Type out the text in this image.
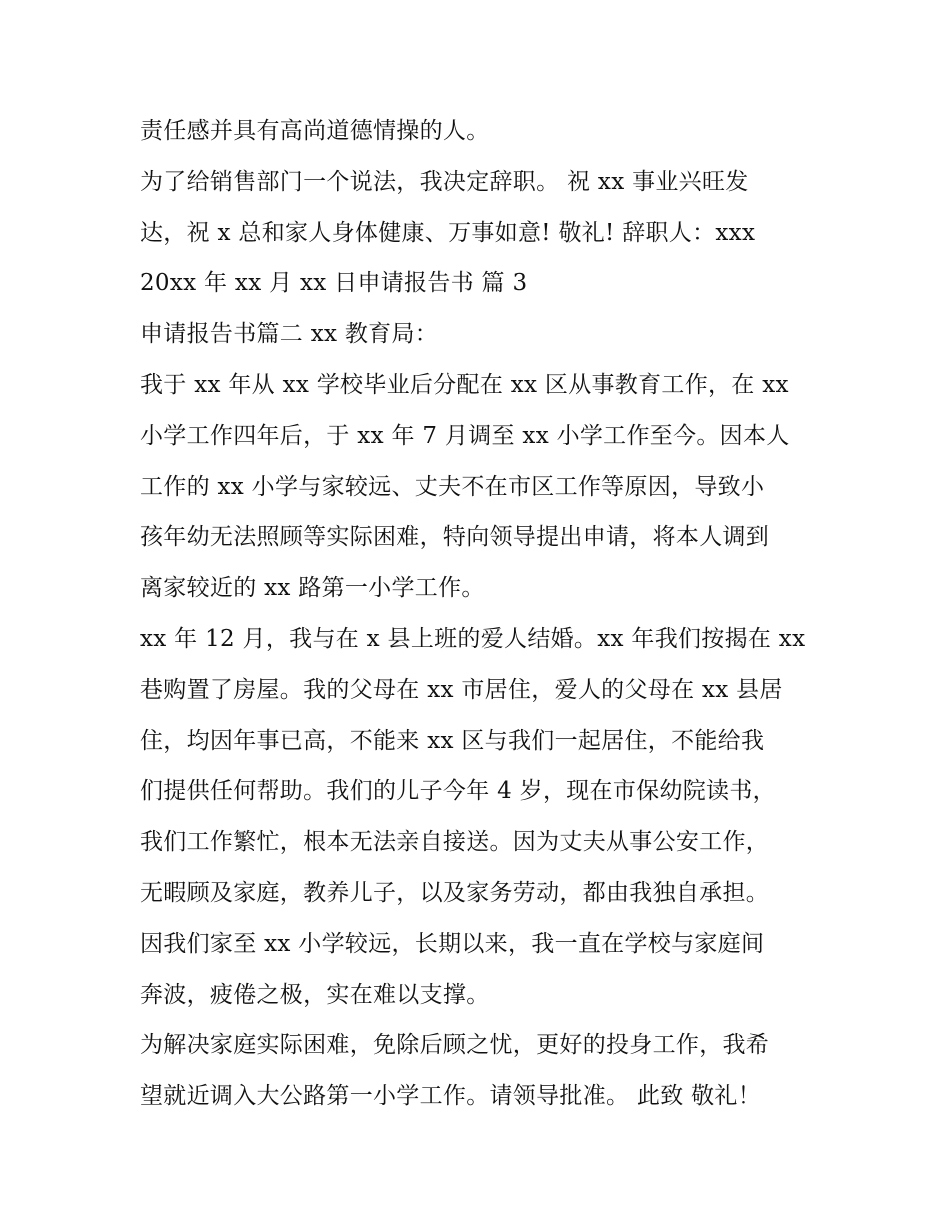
责任感并具有高尚道德情操的人。
为了给销售部门一个说法，我决定辞职。 祝 xx 事业兴旺发
达，祝 x 总和家人身体健康、万事如意! 敬礼! 辞职人：xxx
20xx 年 xx 月 xx 日申请报告书 篇 3
申请报告书篇二 xx 教育局：
我于 xx 年从 xx 学校毕业后分配在 xx 区从事教育工作，在 xx
小学工作四年后，于 xx 年 7 月调至 xx 小学工作至今。因本人
工作的 xx 小学与家较远、丈夫不在市区工作等原因，导致小
孩年幼无法照顾等实际困难，特向领导提出申请，将本人调到
离家较近的 xx 路第一小学工作。
xx 年 12 月，我与在 x 县上班的爱人结婚。xx 年我们按揭在 xx
巷购置了房屋。我的父母在 xx 市居住，爱人的父母在 xx 县居
住，均因年事已高，不能来 xx 区与我们一起居住，不能给我
们提供任何帮助。我们的儿子今年 4 岁，现在市保幼院读书，
我们工作繁忙，根本无法亲自接送。因为丈夫从事公安工作，
无暇顾及家庭，教养儿子，以及家务劳动，都由我独自承担。
因我们家至 xx 小学较远，长期以来，我一直在学校与家庭间
奔波，疲倦之极，实在难以支撑。
为解决家庭实际困难，免除后顾之忧，更好的投身工作，我希
望就近调入大公路第一小学工作。请领导批准。 此致 敬礼！
